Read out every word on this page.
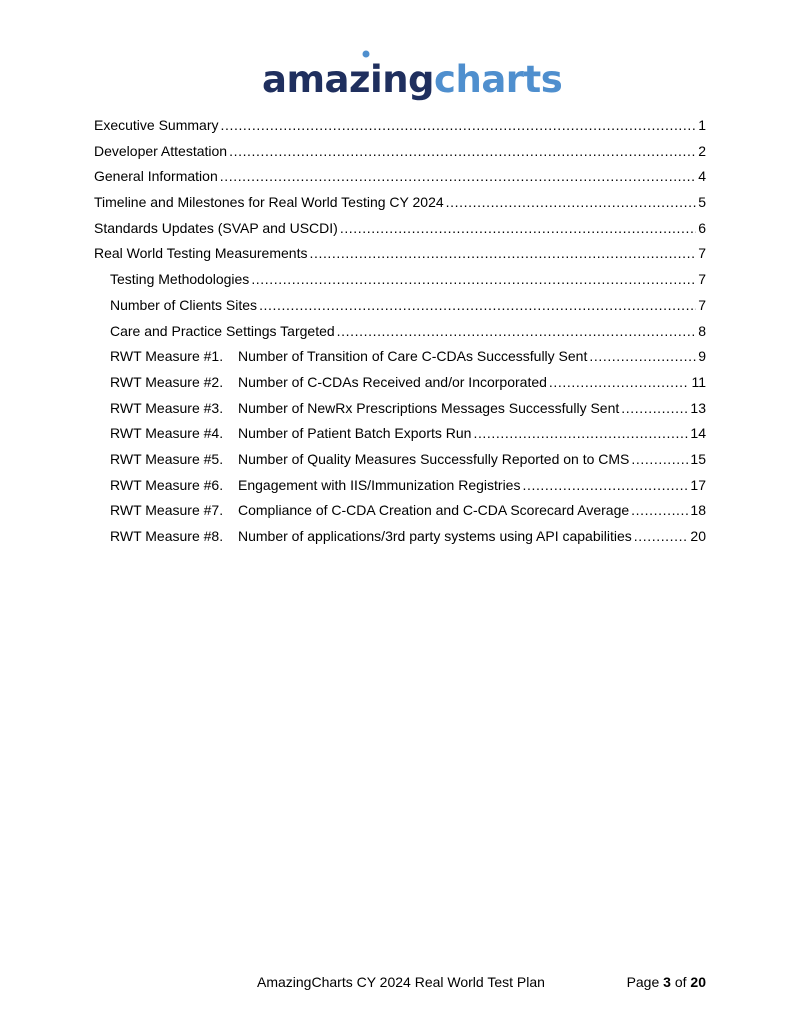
amazingcharts
Executive Summary .....	1
Developer Attestation .....	2
General Information .....	4
Timeline and Milestones for Real World Testing CY 2024 .....	5
Standards Updates (SVAP and USCDI) .....	6
Real World Testing Measurements .....	7
Testing Methodologies .....	7
Number of Clients Sites .....	7
Care and Practice Settings Targeted .....	8
RWT Measure #1. Number of Transition of Care C-CDAs Successfully Sent .....	9
RWT Measure #2. Number of C-CDAs Received and/or Incorporated .....	11
RWT Measure #3. Number of NewRx Prescriptions Messages Successfully Sent .....	13
RWT Measure #4. Number of Patient Batch Exports Run .....	14
RWT Measure #5. Number of Quality Measures Successfully Reported on to CMS .....	15
RWT Measure #6. Engagement with IIS/Immunization Registries .....	17
RWT Measure #7. Compliance of C-CDA Creation and C-CDA Scorecard Average .....	18
RWT Measure #8. Number of applications/3rd party systems using API capabilities .....	20
AmazingCharts CY 2024 Real World Test Plan	Page 3 of 20
